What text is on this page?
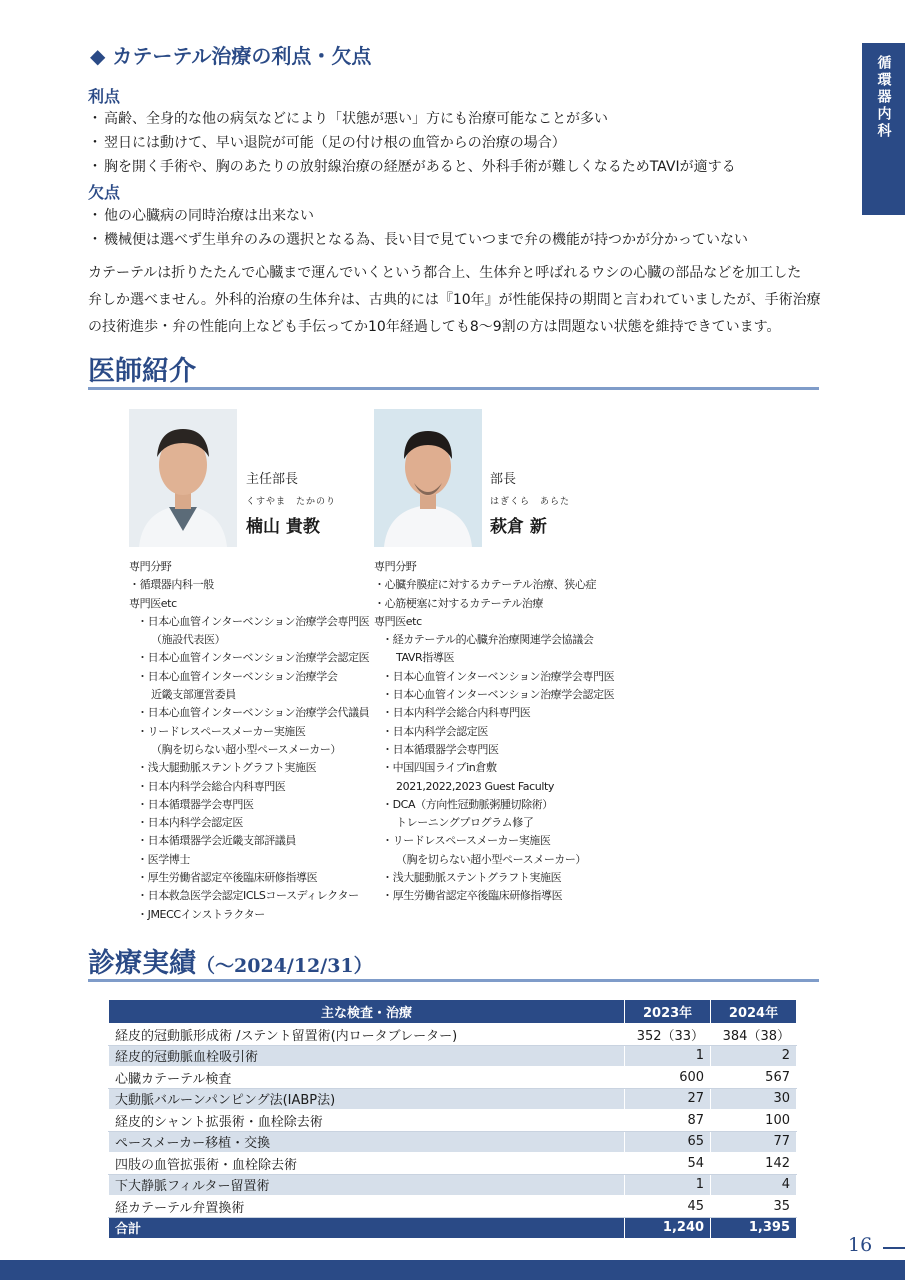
循環器内科
◆ カテーテル治療の利点・欠点
利点
・ 高齢、全身的な他の病気などにより「状態が悪い」方にも治療可能なことが多い
・ 翌日には動けて、早い退院が可能（足の付け根の血管からの治療の場合）
・ 胸を開く手術や、胸のあたりの放射線治療の経歴があると、外科手術が難しくなるためTAVIが適する
欠点
・ 他の心臓病の同時治療は出来ない
・ 機械便は選べず生単弁のみの選択となる為、長い目で見ていつまで弁の機能が持つかが分かっていない
カテーテルは折りたたんで心臓まで運んでいくという都合上、生体弁と呼ばれるウシの心臓の部品などを加工した
弁しか選べません。外科的治療の生体弁は、古典的には『10年』が性能保持の期間と言われていましたが、手術治療
の技術進歩・弁の性能向上なども手伝ってか10年経過しても8〜9割の方は問題ない状態を維持できています。
医師紹介
主任部長
くすやま　たかのり
楠山 貴教
専門分野
・循環器内科一般
専門医etc
・日本心血管インターベンション治療学会専門医
（施設代表医）
・日本心血管インターベンション治療学会認定医
・日本心血管インターベンション治療学会
近畿支部運営委員
・日本心血管インターベンション治療学会代議員
・リードレスペースメーカー実施医
（胸を切らない超小型ペースメーカー）
・浅大腿動脈ステントグラフト実施医
・日本内科学会総合内科専門医
・日本循環器学会専門医
・日本内科学会認定医
・日本循環器学会近畿支部評議員
・医学博士
・厚生労働省認定卒後臨床研修指導医
・日本救急医学会認定ICLSコースディレクター
・JMECCインストラクター
部長
はぎくら　あらた
萩倉 新
専門分野
・心臓弁膜症に対するカテーテル治療、狭心症
・心筋梗塞に対するカテーテル治療
専門医etc
・経カテーテル的心臓弁治療関連学会協議会
TAVR指導医
・日本心血管インターベンション治療学会専門医
・日本心血管インターベンション治療学会認定医
・日本内科学会総合内科専門医
・日本内科学会認定医
・日本循環器学会専門医
・中国四国ライブin倉敷
2021,2022,2023 Guest Faculty
・DCA（方向性冠動脈粥腫切除術）
トレーニングプログラム修了
・リードレスペースメーカー実施医
（胸を切らない超小型ペースメーカー）
・浅大腿動脈ステントグラフト実施医
・厚生労働省認定卒後臨床研修指導医
診療実績（〜2024/12/31）
主な検査・治療	2023年	2024年
経皮的冠動脈形成術 /ステント留置術(内ロータブレーター)	352（33）	384（38）
経皮的冠動脈血栓吸引術	1	2
心臓カテーテル検査	600	567
大動脈バルーンパンピング法(IABP法)	27	30
経皮的シャント拡張術・血栓除去術	87	100
ペースメーカー移植・交換	65	77
四肢の血管拡張術・血栓除去術	54	142
下大静脈フィルター留置術	1	4
経カテーテル弁置換術	45	35
合計	1,240	1,395
16
